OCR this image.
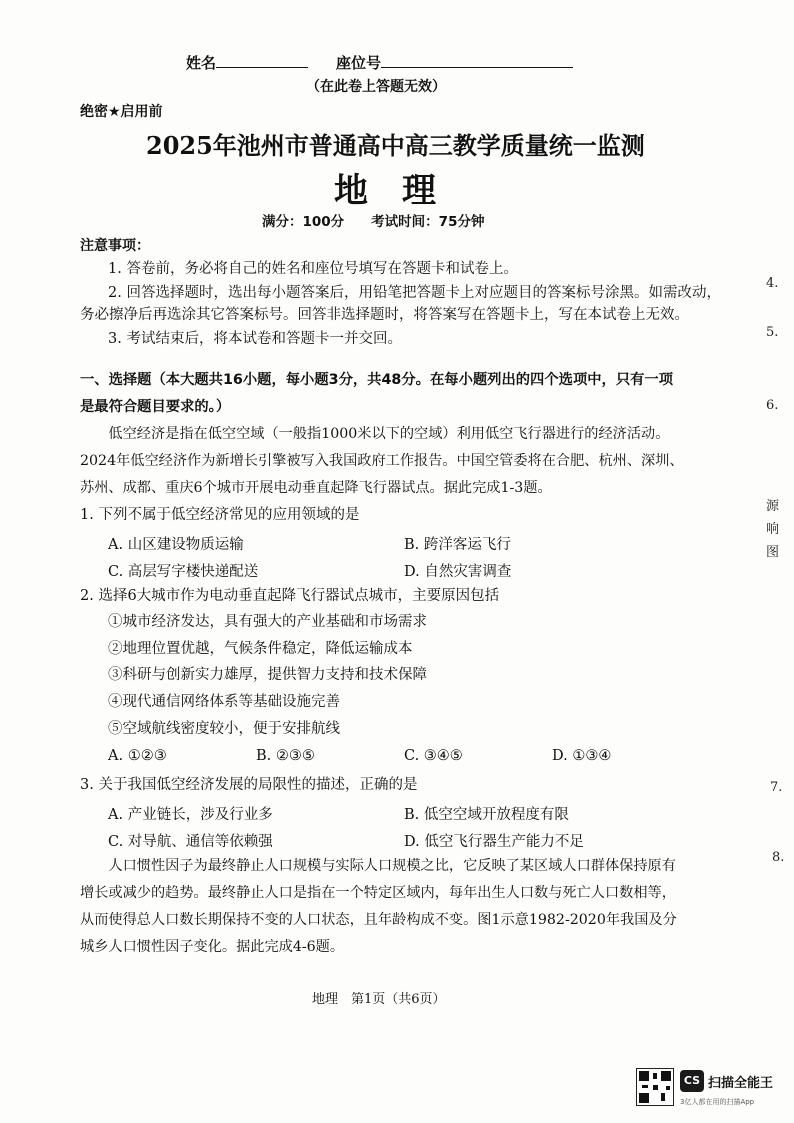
姓名	座位号
（在此卷上答题无效）
绝密★启用前
2025年池州市普通高中高三教学质量统一监测
地　理
满分：100分　　考试时间：75分钟
注意事项：
1. 答卷前，务必将自己的姓名和座位号填写在答题卡和试卷上。
2. 回答选择题时，选出每小题答案后，用铅笔把答题卡上对应题目的答案标号涂黑。如需改动，
务必擦净后再选涂其它答案标号。回答非选择题时，将答案写在答题卡上，写在本试卷上无效。
3. 考试结束后，将本试卷和答题卡一并交回。
一、选择题（本大题共16小题，每小题3分，共48分。在每小题列出的四个选项中，只有一项
是最符合题目要求的。）
　　低空经济是指在低空空域（一般指1000米以下的空域）利用低空飞行器进行的经济活动。
2024年低空经济作为新增长引擎被写入我国政府工作报告。中国空管委将在合肥、杭州、深圳、
苏州、成都、重庆6个城市开展电动垂直起降飞行器试点。据此完成1-3题。
1. 下列不属于低空经济常见的应用领域的是
A. 山区建设物质运输	B. 跨洋客运飞行
C. 高层写字楼快递配送	D. 自然灾害调查
2. 选择6大城市作为电动垂直起降飞行器试点城市，主要原因包括
①城市经济发达，具有强大的产业基础和市场需求
②地理位置优越，气候条件稳定，降低运输成本
③科研与创新实力雄厚，提供智力支持和技术保障
④现代通信网络体系等基础设施完善
⑤空域航线密度较小，便于安排航线
A. ①②③	B. ②③⑤	C. ③④⑤	D. ①③④
3. 关于我国低空经济发展的局限性的描述，正确的是
A. 产业链长，涉及行业多	B. 低空空域开放程度有限
C. 对导航、通信等依赖强	D. 低空飞行器生产能力不足
　　人口惯性因子为最终静止人口规模与实际人口规模之比，它反映了某区域人口群体保持原有
增长或减少的趋势。最终静止人口是指在一个特定区域内，每年出生人口数与死亡人口数相等，
从而使得总人口数长期保持不变的人口状态，且年龄构成不变。图1示意1982-2020年我国及分
城乡人口惯性因子变化。据此完成4-6题。
地理　第1页（共6页）
4.
5.
6.
源
响
图
7.
8.
CS 扫描全能王
3亿人都在用的扫描App
